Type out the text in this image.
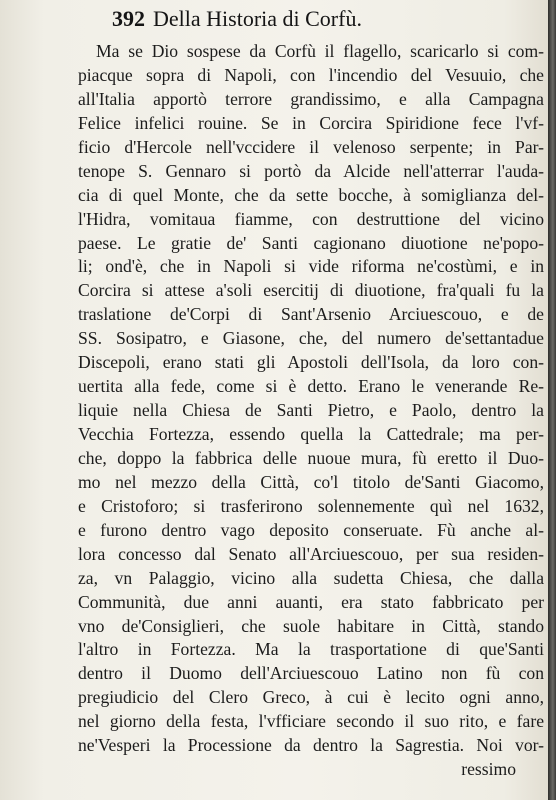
392 Della Historia di Corfù.
Ma se Dio sospese da Corfù il flagello, scaricarlo si com-
piacque sopra di Napoli, con l'incendio del Vesuuio, che
all'Italia apportò terrore grandissimo, e alla Campagna
Felice infelici rouine. Se in Corcira Spiridione fece l'vf-
ficio d'Hercole nell'vccidere il velenoso serpente; in Par-
tenope S. Gennaro si portò da Alcide nell'atterrar l'auda-
cia di quel Monte, che da sette bocche, à somiglianza del-
l'Hidra, vomitaua fiamme, con destruttione del vicino
paese. Le gratie de' Santi cagionano diuotione ne'popo-
li; ond'è, che in Napoli si vide riforma ne'costùmi, e in
Corcira si attese a'soli esercitij di diuotione, fra'quali fu la
traslatione de'Corpi di Sant'Arsenio Arciuescouo, e de
SS. Sosipatro, e Giasone, che, del numero de'settantadue
Discepoli, erano stati gli Apostoli dell'Isola, da loro con-
uertita alla fede, come si è detto. Erano le venerande Re-
liquie nella Chiesa de Santi Pietro, e Paolo, dentro la
Vecchia Fortezza, essendo quella la Cattedrale; ma per-
che, doppo la fabbrica delle nuoue mura, fù eretto il Duo-
mo nel mezzo della Città, co'l titolo de'Santi Giacomo,
e Cristoforo; si trasferirono solennemente quì nel 1632,
e furono dentro vago deposito conseruate. Fù anche al-
lora concesso dal Senato all'Arciuescouo, per sua residen-
za, vn Palaggio, vicino alla sudetta Chiesa, che dalla
Communità, due anni auanti, era stato fabbricato per
vno de'Consiglieri, che suole habitare in Città, stando
l'altro in Fortezza. Ma la trasportatione di que'Santi
dentro il Duomo dell'Arciuescouo Latino non fù con
pregiudicio del Clero Greco, à cui è lecito ogni anno,
nel giorno della festa, l'vfficiare secondo il suo rito, e fare
ne'Vesperi la Processione da dentro la Sagrestia. Noi vor-
ressimo
